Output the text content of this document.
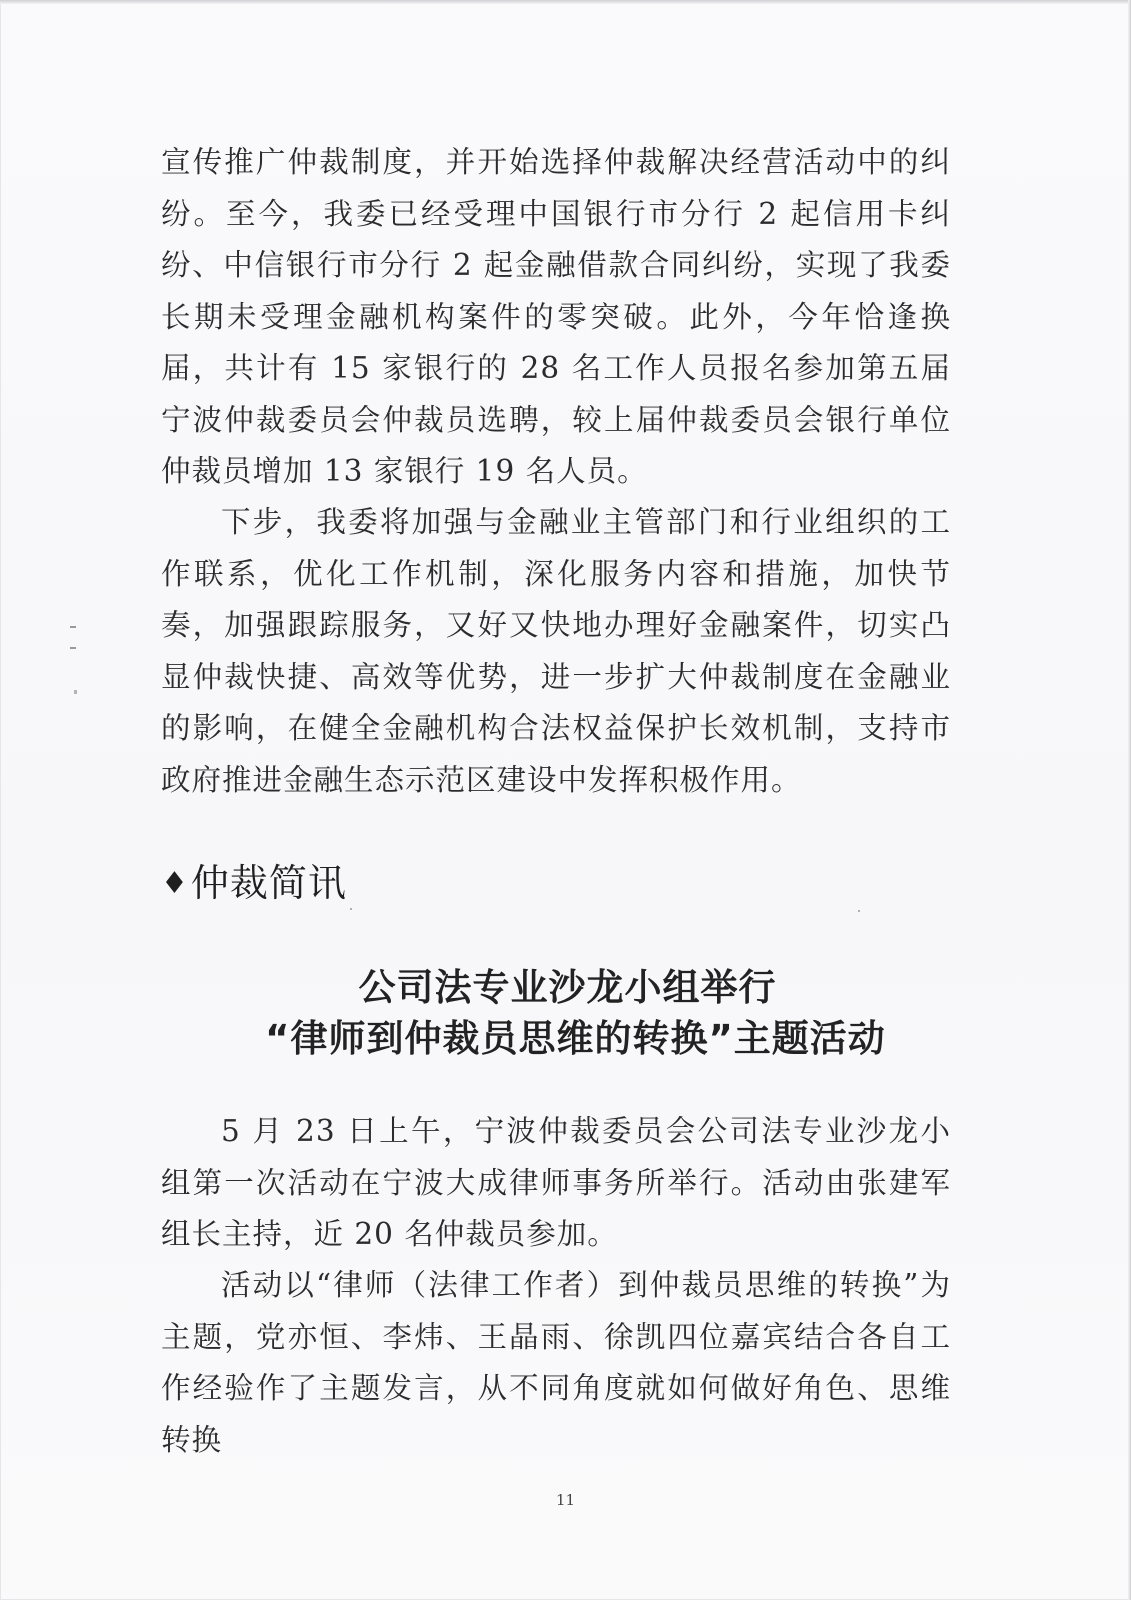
宣传推广仲裁制度，并开始选择仲裁解决经营活动中的纠纷。至今，我委已经受理中国银行市分行 2 起信用卡纠纷、中信银行市分行 2 起金融借款合同纠纷，实现了我委长期未受理金融机构案件的零突破。此外，今年恰逢换届，共计有 15 家银行的 28 名工作人员报名参加第五届宁波仲裁委员会仲裁员选聘，较上届仲裁委员会银行单位仲裁员增加 13 家银行 19 名人员。

下步，我委将加强与金融业主管部门和行业组织的工作联系，优化工作机制，深化服务内容和措施，加快节奏，加强跟踪服务，又好又快地办理好金融案件，切实凸显仲裁快捷、高效等优势，进一步扩大仲裁制度在金融业的影响，在健全金融机构合法权益保护长效机制，支持市政府推进金融生态示范区建设中发挥积极作用。

♦仲裁简讯
公司法专业沙龙小组举行
“律师到仲裁员思维的转换”主题活动

5 月 23 日上午，宁波仲裁委员会公司法专业沙龙小组第一次活动在宁波大成律师事务所举行。活动由张建军组长主持，近 20 名仲裁员参加。

活动以“律师（法律工作者）到仲裁员思维的转换”为主题，党亦恒、李炜、王晶雨、徐凯四位嘉宾结合各自工作经验作了主题发言，从不同角度就如何做好角色、思维转换

11
